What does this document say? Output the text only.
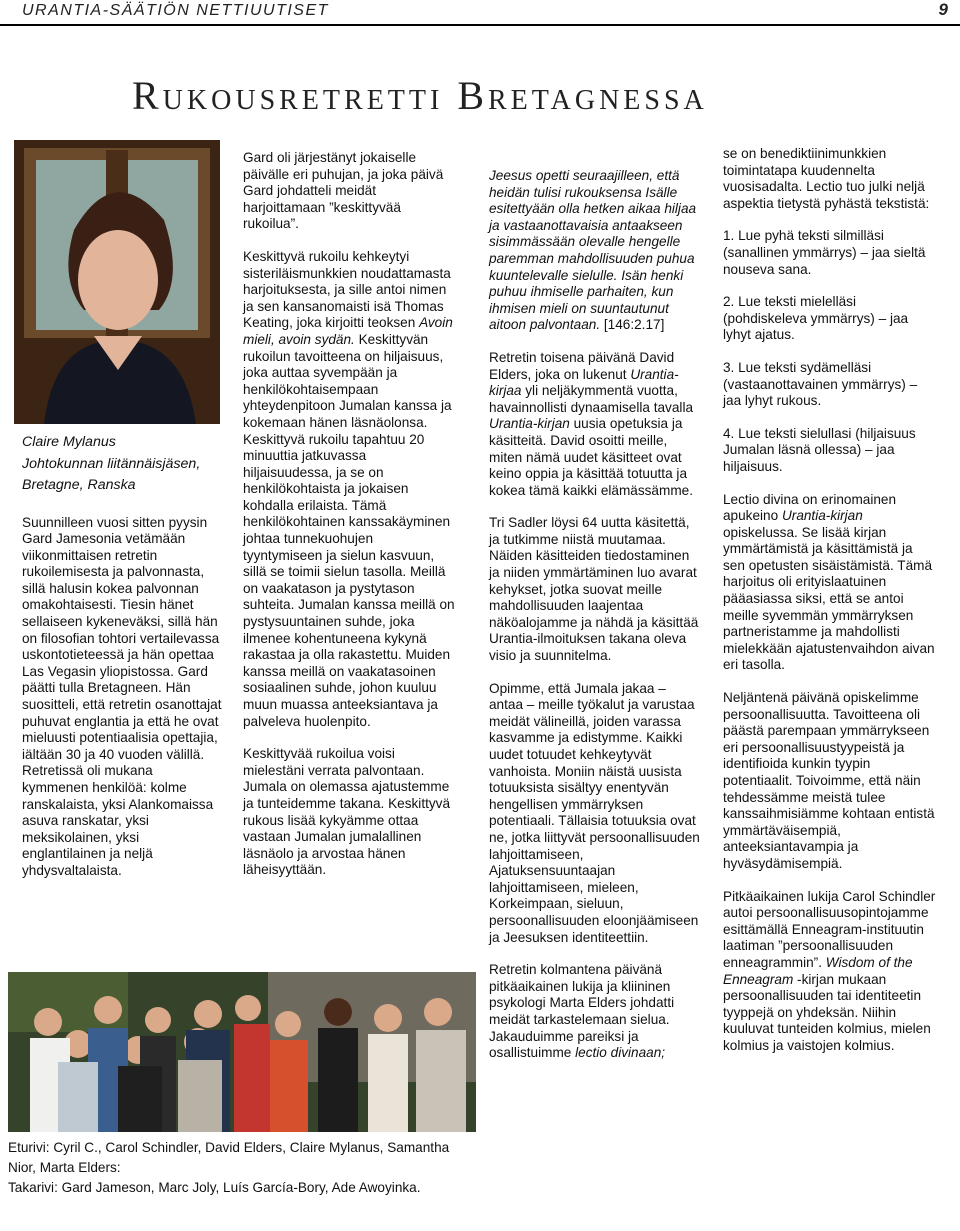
URANTIA-SÄÄTIÖN NETTIUUTISET	9
Rukousretretti Bretagnessa
Claire Mylanus
Johtokunnan liitännäisjäsen,
Bretagne, Ranska

Suunnilleen vuosi sitten pyysin Gard Jamesonia vetämään viikonmittaisen retretin rukoilemisesta ja palvonnasta, sillä halusin kokea palvonnan omakohtaisesti. Tiesin hänet sellaiseen kykeneväksi, sillä hän on filosofian tohtori vertailevassa uskontotieteessä ja hän opettaa Las Vegasin yliopistossa. Gard päätti tulla Bretagneen. Hän suositteli, että retretin osanottajat puhuvat englantia ja että he ovat mieluusti potentiaalisia opettajia, iältään 30 ja 40 vuoden välillä. Retretissä oli mukana kymmenen henkilöä: kolme ranskalaista, yksi Alankomaissa asuva ranskatar, yksi meksikolainen, yksi englantilainen ja neljä yhdysvaltalaista.

Gard oli järjestänyt jokaiselle päivälle eri puhujan, ja joka päivä Gard johdatteli meidät harjoittamaan ”keskittyvää rukoilua”.

Keskittyvä rukoilu kehkeytyi sisteriläismunkkien noudattamasta harjoituksesta, ja sille antoi nimen ja sen kansanomaisti isä Thomas Keating, joka kirjoitti teoksen Avoin mieli, avoin sydän. Keskittyvän rukoilun tavoitteena on hiljaisuus, joka auttaa syvempään ja henkilökohtaisempaan yhteydenpitoon Jumalan kanssa ja kokemaan hänen läsnäolonsa. Keskittyvä rukoilu tapahtuu 20 minuuttia jatkuvassa hiljaisuudessa, ja se on henkilökohtaista ja jokaisen kohdalla erilaista. Tämä henkilökohtainen kanssakäyminen johtaa tunnekuohujen tyyntymiseen ja sielun kasvuun, sillä se toimii sielun tasolla. Meillä on vaakatason ja pystytason suhteita. Jumalan kanssa meillä on pystysuuntainen suhde, joka ilmenee kohentuneena kykynä rakastaa ja olla rakastettu. Muiden kanssa meillä on vaakatasoinen sosiaalinen suhde, johon kuuluu muun muassa anteeksiantava ja palveleva huolenpito.

Keskittyvää rukoilua voisi mielestäni verrata palvontaan. Jumala on olemassa ajatustemme ja tunteidemme takana. Keskittyvä rukous lisää kykyämme ottaa vastaan Jumalan jumalallinen läsnäolo ja arvostaa hänen läheisyyttään.

Jeesus opetti seuraajilleen, että heidän tulisi rukouksensa Isälle esitettyään olla hetken aikaa hiljaa ja vastaanottavaisia antaakseen sisimmässään olevalle hengelle paremman mahdollisuuden puhua kuuntelevalle sielulle. Isän henki puhuu ihmiselle parhaiten, kun ihmisen mieli on suuntautunut aitoon palvontaan. [146:2.17]

Retretin toisena päivänä David Elders, joka on lukenut Urantia-kirjaa yli neljäkymmentä vuotta, havainnollisti dynaamisella tavalla Urantia-kirjan uusia opetuksia ja käsitteitä. David osoitti meille, miten nämä uudet käsitteet ovat keino oppia ja käsittää totuutta ja kokea tämä kaikki elämässämme.

Tri Sadler löysi 64 uutta käsitettä, ja tutkimme niistä muutamaa. Näiden käsitteiden tiedostaminen ja niiden ymmärtäminen luo avarat kehykset, jotka suovat meille mahdollisuuden laajentaa näköalojamme ja nähdä ja käsittää Urantia-ilmoituksen takana oleva visio ja suunnitelma.

Opimme, että Jumala jakaa – antaa – meille työkalut ja varustaa meidät välineillä, joiden varassa kasvamme ja edistymme. Kaikki uudet totuudet kehkeytyvät vanhoista. Moniin näistä uusista totuuksista sisältyy enentyvän hengellisen ymmärryksen potentiaali. Tällaisia totuuksia ovat ne, jotka liittyvät persoonallisuuden lahjoittamiseen, Ajatuksensuuntaajan lahjoittamiseen, mieleen, Korkeimpaan, sieluun, persoonallisuuden eloonjäämiseen ja Jeesuksen identiteettiin.

Retretin kolmantena päivänä pitkäaikainen lukija ja kliininen psykologi Marta Elders johdatti meidät tarkastelemaan sielua. Jakauduimme pareiksi ja osallistuimme lectio divinaan;

se on benediktiinimunkkien toimintatapa kuudennelta vuosisadalta. Lectio tuo julki neljä aspektia tietystä pyhästä tekstistä:

1. Lue pyhä teksti silmilläsi (sanallinen ymmärrys) – jaa sieltä nouseva sana.

2. Lue teksti mielelläsi (pohdiskeleva ymmärrys) – jaa lyhyt ajatus.

3. Lue teksti sydämelläsi (vastaanottavainen ymmärrys) – jaa lyhyt rukous.

4. Lue teksti sielullasi (hiljaisuus Jumalan läsnä ollessa) – jaa hiljaisuus.

Lectio divina on erinomainen apukeino Urantia-kirjan opiskelussa. Se lisää kirjan ymmärtämistä ja käsittämistä ja sen opetusten sisäistämistä. Tämä harjoitus oli erityislaatuinen pääasiassa siksi, että se antoi meille syvemmän ymmärryksen partneristamme ja mahdollisti mielekkään ajatustenvaihdon aivan eri tasolla.

Neljäntenä päivänä opiskelimme persoonallisuutta. Tavoitteena oli päästä parempaan ymmärrykseen eri persoonallisuustyypeistä ja identifioida kunkin tyypin potentiaalit. Toivoimme, että näin tehdessämme meistä tulee kanssaihmisiämme kohtaan entistä ymmärtäväisempiä, anteeksiantavampia ja hyväsydämisempiä.

Pitkäaikainen lukija Carol Schindler autoi persoonallisuusopintojamme esittämällä Enneagram-instituutin laatiman ”persoonallisuuden enneagrammin”. Wisdom of the Enneagram -kirjan mukaan persoonallisuuden tai identiteetin tyyppejä on yhdeksän. Niihin kuuluvat tunteiden kolmius, mielen kolmius ja vaistojen kolmius.

Eturivi: Cyril C., Carol Schindler, David Elders, Claire Mylanus, Samantha Nior, Marta Elders:
Takarivi: Gard Jameson, Marc Joly, Luís García-Bory, Ade Awoyinka.
